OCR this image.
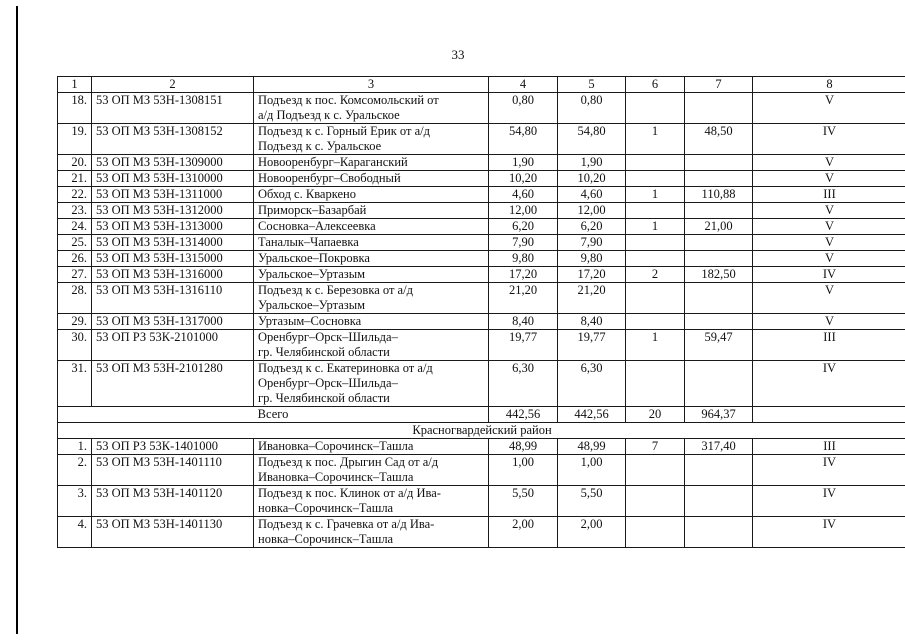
33
1	2	3	4	5	6	7	8
18.	53 ОП МЗ 53Н-1308151	Подъезд к пос. Комсомольский от
а/д Подъезд к с. Уральское	0,80	0,80			V
19.	53 ОП МЗ 53Н-1308152	Подъезд к с. Горный Ерик от а/д
Подъезд к с. Уральское	54,80	54,80	1	48,50	IV
20.	53 ОП МЗ 53Н-1309000	Новооренбург–Карaганский	1,90	1,90			V
21.	53 ОП МЗ 53Н-1310000	Новооренбург–Свободный	10,20	10,20			V
22.	53 ОП МЗ 53Н-1311000	Обход с. Кваркено	4,60	4,60	1	110,88	III
23.	53 ОП МЗ 53Н-1312000	Приморск–Базарбай	12,00	12,00			V
24.	53 ОП МЗ 53Н-1313000	Сосновка–Алексеевка	6,20	6,20	1	21,00	V
25.	53 ОП МЗ 53Н-1314000	Таналык–Чапаевка	7,90	7,90			V
26.	53 ОП МЗ 53Н-1315000	Уральское–Покровка	9,80	9,80			V
27.	53 ОП МЗ 53Н-1316000	Уральское–Уртазым	17,20	17,20	2	182,50	IV
28.	53 ОП МЗ 53Н-1316110	Подъезд к с. Березовка от а/д
Уральское–Уртазым	21,20	21,20			V
29.	53 ОП МЗ 53Н-1317000	Уртазым–Сосновка	8,40	8,40			V
30.	53 ОП РЗ 53К-2101000	Оренбург–Орск–Шильда–
гр. Челябинской области	19,77	19,77	1	59,47	III
31.	53 ОП МЗ 53Н-2101280	Подъезд к с. Екатериновка от а/д
Оренбург–Орск–Шильда–
гр. Челябинской области	6,30	6,30			IV
Всего			442,56	442,56	20	964,37	
Красногвардейский район							
1.	53 ОП РЗ 53К-1401000	Ивановка–Сорочинск–Ташла	48,99	48,99	7	317,40	III
2.	53 ОП МЗ 53Н-1401110	Подъезд к пос. Дрыгин Сад от а/д
Ивановка–Сорочинск–Ташла	1,00	1,00			IV
3.	53 ОП МЗ 53Н-1401120	Подъезд к пос. Клинок от а/д Ива-
новка–Сорочинск–Ташла	5,50	5,50			IV
4.	53 ОП МЗ 53Н-1401130	Подъезд к с. Грачевка от а/д Ива-
новка–Сорочинск–Ташла	2,00	2,00			IV
